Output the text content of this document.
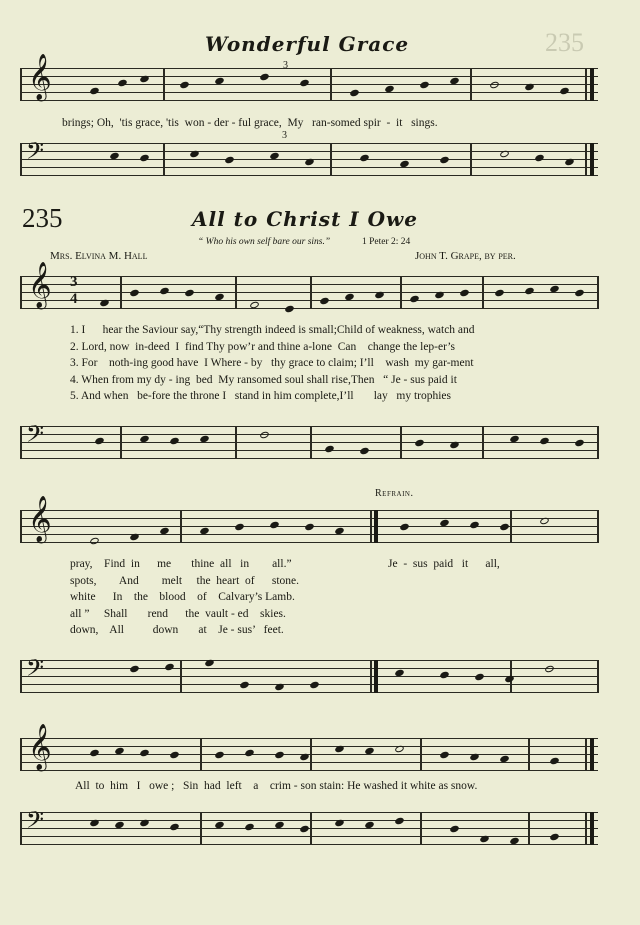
Wonderful Grace	235
𝄞	3
brings; Oh,  'tis grace, 'tis  won - der - ful grace,  My   ran-somed spir  -  it   sings.
3
𝄢
235	All to Christ I Owe
“ Who his own self bare our sins.”	1 Peter 2: 24
Mrs. Elvina M. Hall	John T. Grape, by per.
𝄞 3
4
1. I      hear the Saviour say,“Thy strength indeed is small;Child of weakness, watch and
2. Lord, now  in-deed  I  find Thy pow’r and thine a-lone  Can    change the lep-er’s
3. For    noth-ing good have  I Where - by   thy grace to claim; I’ll    wash  my gar-ment
4. When from my dy - ing  bed  My ransomed soul shall rise,Then   “ Je - sus paid it
5. And when   be-fore the throne I   stand in him complete,I’ll       lay   my trophies
𝄢
Refrain.
𝄞
pray,    Find  in      me       thine  all   in        all.”	Je  -  sus  paid   it      all,
spots,        And        melt     the  heart  of      stone.
white      In    the    blood    of    Calvary’s Lamb.
all ”     Shall       rend      the  vault - ed    skies.
down,    All          down       at    Je - sus’   feet.
𝄢
𝄞
All  to  him   I   owe ;   Sin  had  left    a    crim - son stain: He washed it white as snow.
𝄢
